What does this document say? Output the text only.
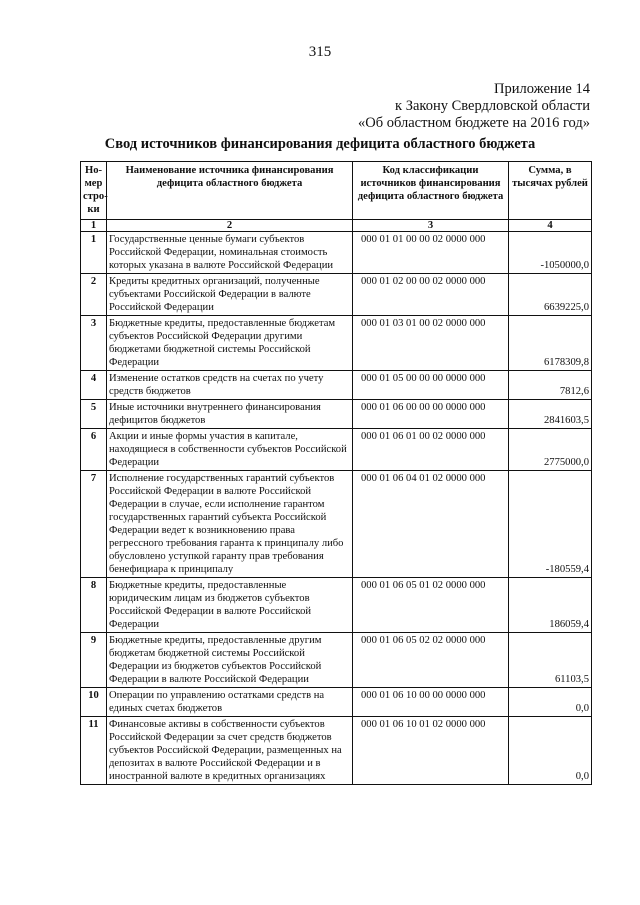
315
Приложение 14
к Закону Свердловской области
«Об областном бюджете на 2016 год»
Свод источников финансирования дефицита областного бюджета
Но-мер стро-ки	Наименование источника финансирования дефицита областного бюджета	Код классификации источников финансирования дефицита областного бюджета	Сумма, в тысячах рублей
1	2	3	4
1	Государственные ценные бумаги субъектов Российской Федерации, номинальная стоимость которых указана в валюте Российской Федерации	000 01 01 00 00 02 0000 000	-1050000,0
2	Кредиты кредитных организаций, полученные субъектами Российской Федерации в валюте Российской Федерации	000 01 02 00 00 02 0000 000	6639225,0
3	Бюджетные кредиты, предоставленные бюджетам субъектов Российской Федерации другими бюджетами бюджетной системы Российской Федерации	000 01 03 01 00 02 0000 000	6178309,8
4	Изменение остатков средств на счетах по учету средств бюджетов	000 01 05 00 00 00 0000 000	7812,6
5	Иные источники внутреннего финансирования дефицитов бюджетов	000 01 06 00 00 00 0000 000	2841603,5
6	Акции и иные формы участия в капитале, находящиеся в собственности субъектов Российской Федерации	000 01 06 01 00 02 0000 000	2775000,0
7	Исполнение государственных гарантий субъектов Российской Федерации в валюте Российской Федерации в случае, если исполнение гарантом государственных гарантий субъекта Российской Федерации ведет к возникновению права регрессного требования гаранта к принципалу либо обусловлено уступкой гаранту прав требования бенефициара к принципалу	000 01 06 04 01 02 0000 000	-180559,4
8	Бюджетные кредиты, предоставленные юридическим лицам из бюджетов субъектов Российской Федерации в валюте Российской Федерации	000 01 06 05 01 02 0000 000	186059,4
9	Бюджетные кредиты, предоставленные другим бюджетам бюджетной системы Российской Федерации из бюджетов субъектов Российской Федерации в валюте Российской Федерации	000 01 06 05 02 02 0000 000	61103,5
10	Операции по управлению остатками средств на единых счетах бюджетов	000 01 06 10 00 00 0000 000	0,0
11	Финансовые активы в собственности субъектов Российской Федерации за счет средств бюджетов субъектов Российской Федерации, размещенных на депозитах в валюте Российской Федерации и в иностранной валюте в кредитных организациях	000 01 06 10 01 02 0000 000	0,0
